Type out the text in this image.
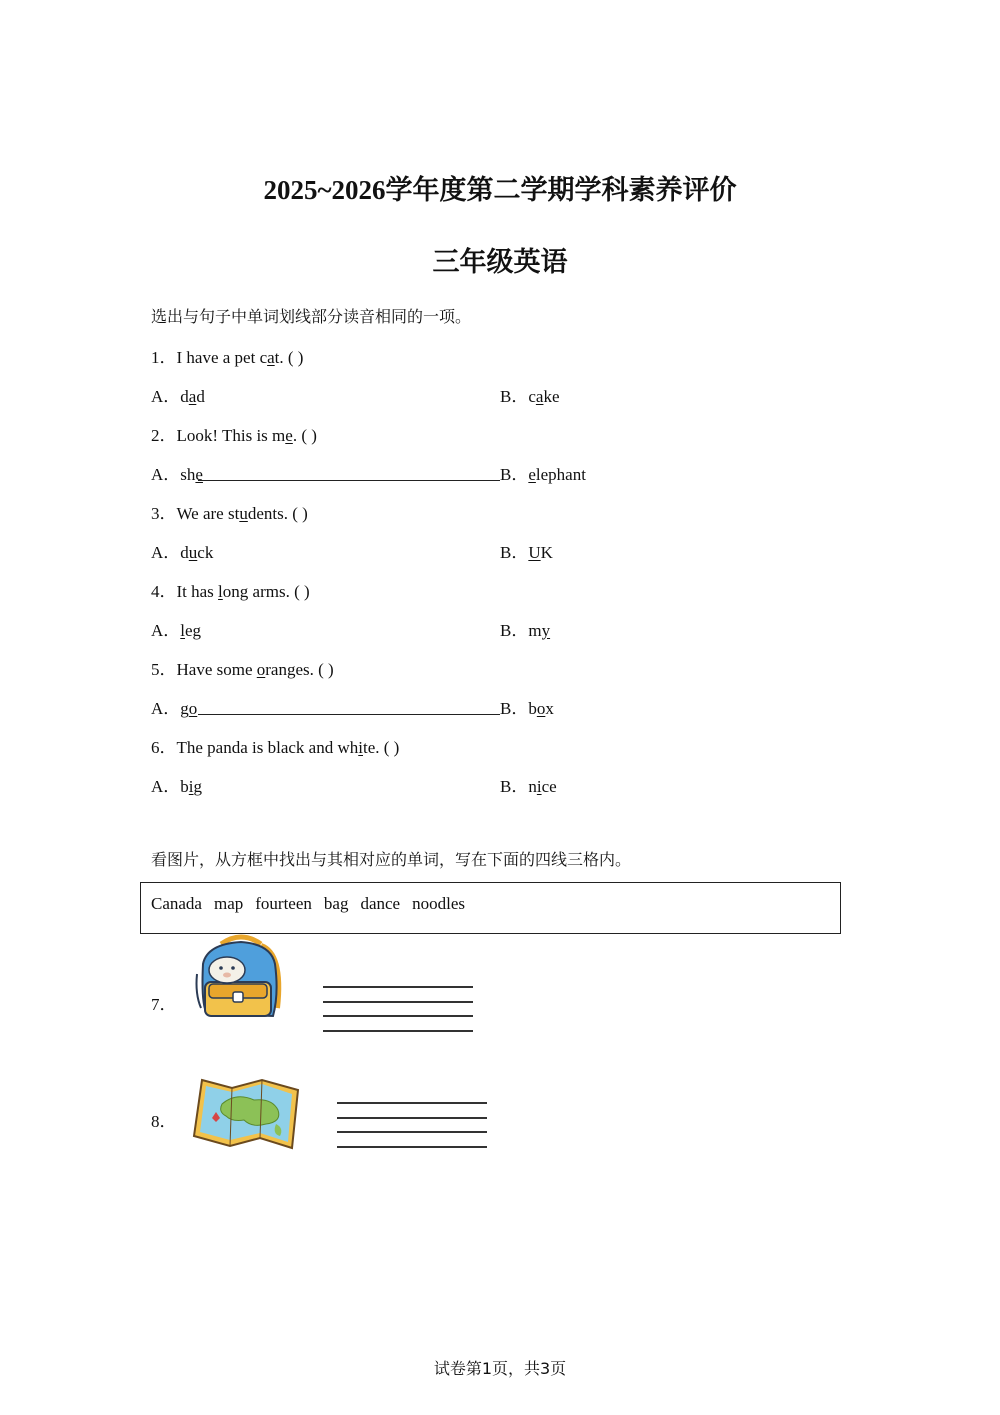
2025~2026学年度第二学期学科素养评价
三年级英语
选出与句子中单词划线部分读音相同的一项。
1．I have a pet cat. ( )
A．dad	B．cake
2．Look! This is me. ( )
A．she	B．elephant
3．We are students. ( )
A．duck	B．UK
4．It has long arms. ( )
A．leg	B．my
5．Have some oranges. ( )
A．go	B．box
6．The panda is black and white. ( )
A．big	B．nice
看图片，从方框中找出与其相对应的单词，写在下面的四线三格内。
Canada map fourteen bag dance noodles
7．
8．
试卷第1页，共3页
